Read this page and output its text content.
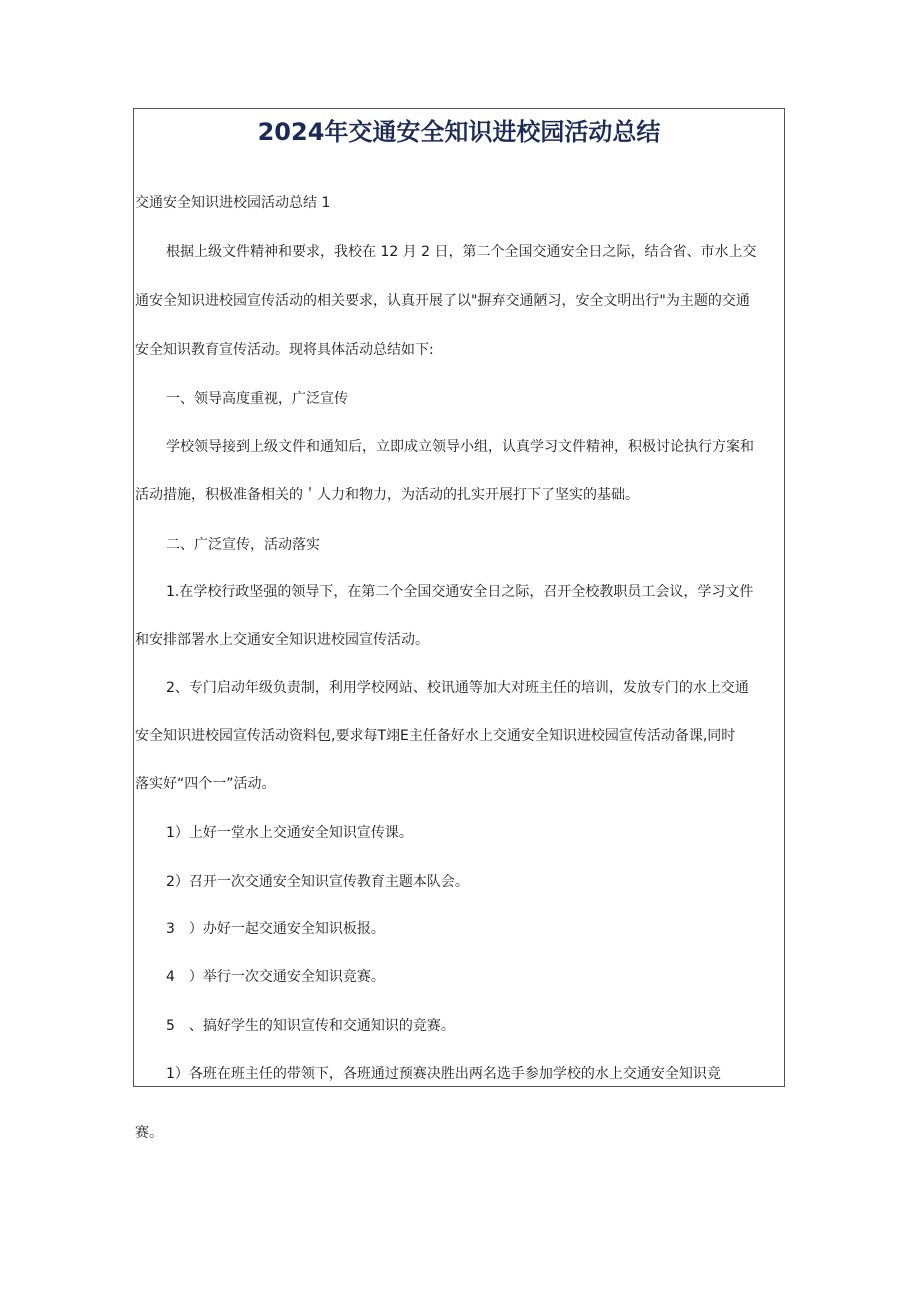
2024年交通安全知识进校园活动总结
交通安全知识进校园活动总结 1
根据上级文件精神和要求，我校在 12 月 2 日，第二个全国交通安全日之际，结合省、市水上交
通安全知识进校园宣传活动的相关要求，认真开展了以"摒弃交通陋习，安全文明出行"为主题的交通
安全知识教育宣传活动。现将具体活动总结如下:
一、领导高度重视，广泛宣传
学校领导接到上级文件和通知后，立即成立领导小组，认真学习文件精神，积极讨论执行方案和
活动措施，积极准备相关的＇人力和物力，为活动的扎实开展打下了坚实的基础。
二、广泛宣传，活动落实
1.在学校行政坚强的领导下，在第二个全国交通安全日之际，召开全校教职员工会议，学习文件
和安排部署水上交通安全知识进校园宣传活动。
2、专门启动年级负责制，利用学校网站、校讯通等加大对班主任的培训，发放专门的水上交通
安全知识进校园宣传活动资料包,要求每T翊E主任备好水上交通安全知识进校园宣传活动备课,同时
落实好“四个一”活动。
1）上好一堂水上交通安全知识宣传课。
2）召开一次交通安全知识宣传教育主题本队会。
3　）办好一起交通安全知识板报。
4　）举行一次交通安全知识竞赛。
5　、搞好学生的知识宣传和交通知识的竞赛。
1）各班在班主任的带领下，各班通过预赛决胜出两名选手参加学校的水上交通安全知识竞
赛。
